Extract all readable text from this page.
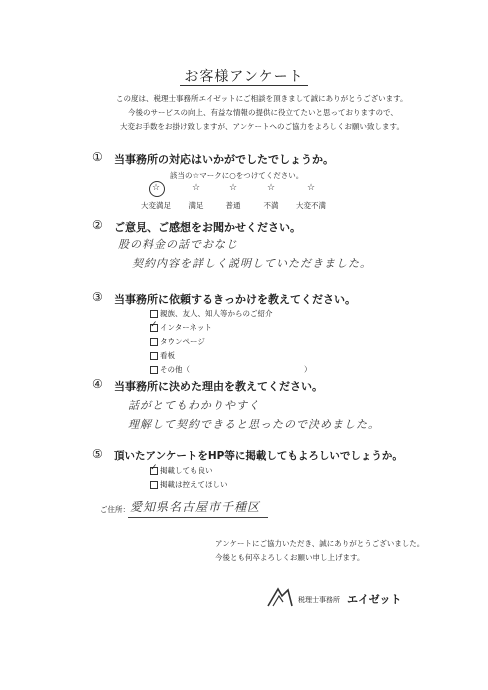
お客様アンケート
この度は、税理士事務所エイゼットにご相談を頂きまして誠にありがとうございます。
今後のサービスの向上、有益な情報の提供に役立てたいと思っておりますので、
大変お手数をお掛け致しますが、アンケートへのご協力をよろしくお願い致します。
① 当事務所の対応はいかがでしたでしょうか。
該当の☆マークに○をつけてください。
☆	☆	☆	☆	☆
大変満足	満足	普通	不満	大変不満
② ご意見、ご感想をお聞かせください。
股の料金の話でおなじ
契約内容を詳しく説明していただきました。
③ 当事務所に依頼するきっかけを教えてください。
親族、友人、知人等からのご紹介
✓ インターネット
タウンページ
看板
その他（	）
④ 当事務所に決めた理由を教えてください。
話がとてもわかりやすく
理解して契約できると思ったので決めました。
⑤ 頂いたアンケートをHP等に掲載してもよろしいでしょうか。
✓ 掲載しても良い
掲載は控えてほしい
ご住所： 愛知県名古屋市千種区
アンケートにご協力いただき、誠にありがとうございました。
今後とも何卒よろしくお願い申し上げます。
税理士事務所 エイゼット
